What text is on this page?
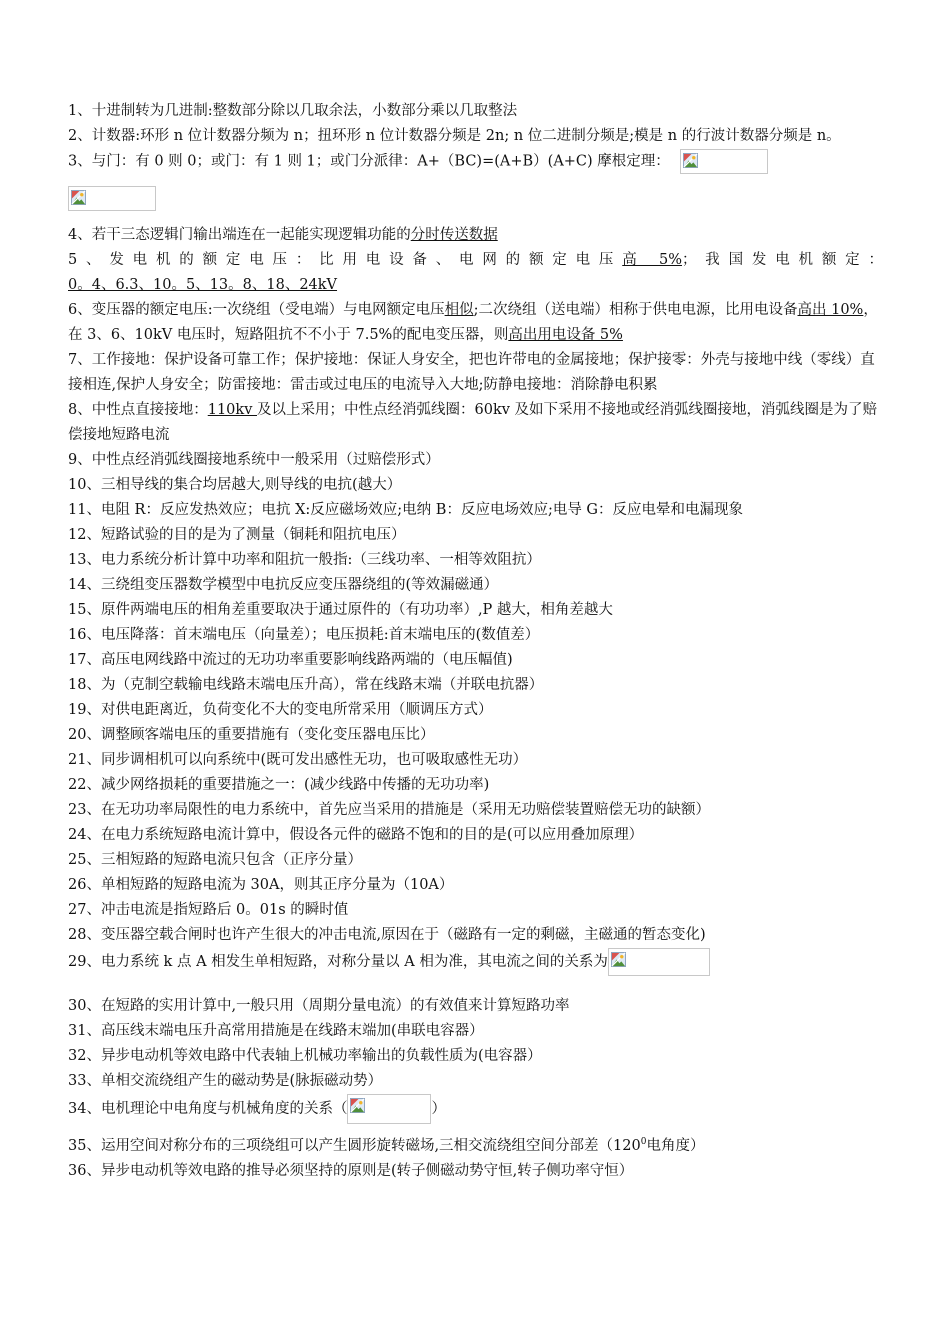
1、十进制转为几进制:整数部分除以几取余法，小数部分乘以几取整法

2、计数器:环形 n 位计数器分频为 n；扭环形 n 位计数器分频是 2n; n 位二进制分频是;模是 n 的行波计数器分频是 n。

3、与门：有 0 则 0；或门：有 1 则 1；或门分派律：A+（BC)=(A+B）(A+C) 摩根定理：

4、若干三态逻辑门输出端连在一起能实现逻辑功能的分时传送数据

5、发电机的额定电压：比用电设备、电网的额定电压高 5%；我国发电机额定：

0。4、6.3、10。5、13。8、18、24kV

6、变压器的额定电压:一次绕组（受电端）与电网额定电压相似;二次绕组（送电端）相称于供电电源，比用电设备高出 10%，在 3、6、10kV 电压时，短路阻抗不不小于 7.5%的配电变压器，则高出用电设备 5%

7、工作接地：保护设备可靠工作；保护接地：保证人身安全，把也许带电的金属接地；保护接零：外壳与接地中线（零线）直接相连,保护人身安全；防雷接地：雷击或过电压的电流导入大地;防静电接地：消除静电积累

8、中性点直接接地：110kv 及以上采用；中性点经消弧线圈：60kv 及如下采用不接地或经消弧线圈接地，消弧线圈是为了赔偿接地短路电流

9、中性点经消弧线圈接地系统中一般采用（过赔偿形式）

10、三相导线的集合均居越大,则导线的电抗(越大）

11、电阻 R：反应发热效应；电抗 X:反应磁场效应;电纳 B：反应电场效应;电导 G：反应电晕和电漏现象

12、短路试验的目的是为了测量（铜耗和阻抗电压）

13、电力系统分析计算中功率和阻抗一般指:（三线功率、一相等效阻抗）

14、三绕组变压器数学模型中电抗反应变压器绕组的(等效漏磁通）

15、原件两端电压的相角差重要取决于通过原件的（有功功率）,P 越大，相角差越大

16、电压降落：首末端电压（向量差）；电压损耗:首末端电压的(数值差）

17、高压电网线路中流过的无功功率重要影响线路两端的（电压幅值)

18、为（克制空载输电线路末端电压升高），常在线路末端（并联电抗器）

19、对供电距离近，负荷变化不大的变电所常采用（顺调压方式）

20、调整顾客端电压的重要措施有（变化变压器电压比）

21、同步调相机可以向系统中(既可发出感性无功，也可吸取感性无功）

22、减少网络损耗的重要措施之一：(减少线路中传播的无功功率)

23、在无功功率局限性的电力系统中，首先应当采用的措施是（采用无功赔偿装置赔偿无功的缺额）

24、在电力系统短路电流计算中，假设各元件的磁路不饱和的目的是(可以应用叠加原理）

25、三相短路的短路电流只包含（正序分量）

26、单相短路的短路电流为 30A，则其正序分量为（10A）

27、冲击电流是指短路后 0。01s 的瞬时值

28、变压器空载合闸时也许产生很大的冲击电流,原因在于（磁路有一定的剩磁，主磁通的暂态变化)

29、电力系统 k 点 A 相发生单相短路，对称分量以 A 相为准，其电流之间的关系为

30、在短路的实用计算中,一般只用（周期分量电流）的有效值来计算短路功率

31、高压线末端电压升高常用措施是在线路末端加(串联电容器）

32、异步电动机等效电路中代表轴上机械功率输出的负载性质为(电容器）

33、单相交流绕组产生的磁动势是(脉振磁动势）

34、电机理论中电角度与机械角度的关系（	）

35、运用空间对称分布的三项绕组可以产生圆形旋转磁场,三相交流绕组空间分部差（$120^0$电角度）

36、异步电动机等效电路的推导必须坚持的原则是(转子侧磁动势守恒,转子侧功率守恒）
